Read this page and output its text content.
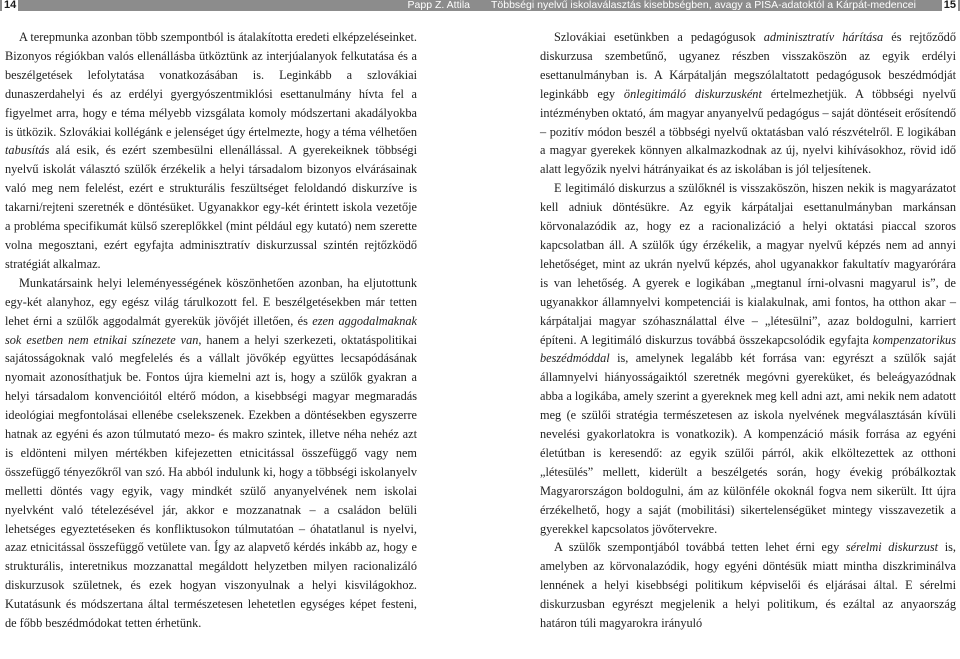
14	Papp Z. Attila Többségi nyelvű iskolaválasztás kisebbségben, avagy a PISA-adatoktól a Kárpát-medencei diskurzusokig
15

A terepmunka azonban több szempontból is átalakította eredeti elképzeléseinket. Bizonyos régiókban valós ellenállásba ütköztünk az interjúalanyok felkutatása és a beszélgetések lefolytatása vonatkozásában is. Leginkább a szlovákiai dunaszerdahelyi és az erdélyi gyergyószentmiklósi esettanulmány hívta fel a figyelmet arra, hogy e téma mélyebb vizsgálata komoly módszertani akadályokba is ütközik. Szlovákiai kollégánk e jelenséget úgy értelmezte, hogy a téma vélhetően tabusítás alá esik, és ezért szembesülni ellenállással. A gyerekeiknek többségi nyelvű iskolát választó szülők érzékelik a helyi társadalom bizonyos elvárásainak való meg nem felelést, ezért e strukturális feszültséget feloldandó diskurzíve is takarni/rejteni szeretnék e döntésüket. Ugyanakkor egy-két érintett iskola vezetője a probléma specifikumát külső szereplőkkel (mint például egy kutató) nem szerette volna megosztani, ezért egyfajta adminisztratív diskurzussal szintén rejtőzködő stratégiát alkalmaz.

Munkatársaink helyi leleményességének köszönhetően azonban, ha eljutottunk egy-két alanyhoz, egy egész világ tárulkozott fel. E beszélgetésekben már tetten lehet érni a szülők aggodalmát gyerekük jövőjét illetően, és ezen aggodalmaknak sok esetben nem etnikai színezete van, hanem a helyi szerkezeti, oktatáspolitikai sajátosságoknak való megfelelés és a vállalt jövőkép együttes lecsapódásának nyomait azonosíthatjuk be. Fontos újra kiemelni azt is, hogy a szülők gyakran a helyi társadalom konvencióitól eltérő módon, a kisebbségi magyar megmaradás ideológiai megfontolásai ellenébe cselekszenek. Ezekben a döntésekben egyszerre hatnak az egyéni és azon túlmutató mezo- és makro szintek, illetve néha nehéz azt is eldönteni milyen mértékben kifejezetten etnicitással összefüggő vagy nem összefüggő tényezőkről van szó. Ha abból indulunk ki, hogy a többségi iskolanyelv melletti döntés vagy egyik, vagy mindkét szülő anyanyelvének nem iskolai nyelvként való tételezésével jár, akkor e mozzanatnak – a családon belüli lehetséges egyeztetéseken és konfliktusokon túlmutatóan – óhatatlanul is nyelvi, azaz etnicitással összefüggő vetülete van. Így az alapvető kérdés inkább az, hogy e strukturális, interetnikus mozzanattal megáldott helyzetben milyen racionalizáló diskurzusok születnek, és ezek hogyan viszonyulnak a helyi kisvilágokhoz. Kutatásunk és módszertana által természetesen lehetetlen egységes képet festeni, de főbb beszédmódokat tetten érhetünk.

Szlovákiai esetünkben a pedagógusok adminisztratív hárítása és rejtőződő diskurzusa szembetűnő, ugyanez részben visszaköszön az egyik erdélyi esettanulmányban is. A Kárpátalján megszólaltatott pedagógusok beszédmódját leginkább egy önlegitimáló diskurzusként értelmezhetjük. A többségi nyelvű intézményben oktató, ám magyar anyanyelvű pedagógus – saját döntéseit erősítendő – pozitív módon beszél a többségi nyelvű oktatásban való részvételről. E logikában a magyar gyerekek könnyen alkalmazkodnak az új, nyelvi kihívásokhoz, rövid idő alatt legyőzik nyelvi hátrányaikat és az iskolában is jól teljesítenek.

E legitimáló diskurzus a szülőknél is visszaköszön, hiszen nekik is magyarázatot kell adniuk döntésükre. Az egyik kárpátaljai esettanulmányban markánsan körvonalazódik az, hogy ez a racionalizáció a helyi oktatási piaccal szoros kapcsolatban áll. A szülők úgy érzékelik, a magyar nyelvű képzés nem ad annyi lehetőséget, mint az ukrán nyelvű képzés, ahol ugyanakkor fakultatív magyarórára is van lehetőség. A gyerek e logikában „megtanul írni-olvasni magyarul is”, de ugyanakkor államnyelvi kompetenciái is kialakulnak, ami fontos, ha otthon akar – kárpátaljai magyar szóhasználattal élve – „létesülni”, azaz boldogulni, karriert építeni. A legitimáló diskurzus továbbá összekapcsolódik egyfajta kompenzatorikus beszédmóddal is, amelynek legalább két forrása van: egyrészt a szülők saját államnyelvi hiányosságaiktól szeretnék megóvni gyereküket, és beleágyazódnak abba a logikába, amely szerint a gyereknek meg kell adni azt, ami nekik nem adatott meg (e szülői stratégia természetesen az iskola nyelvének megválasztásán kívüli nevelési gyakorlatokra is vonatkozik). A kompenzáció másik forrása az egyéni életútban is keresendő: az egyik szülői párról, akik elköltezettek az otthoni „létesülés” mellett, kiderült a beszélgetés során, hogy évekig próbálkoztak Magyarországon boldogulni, ám az különféle okoknál fogva nem sikerült. Itt újra érzékelhető, hogy a saját (mobilitási) sikertelenségüket mintegy visszavezetik a gyerekkel kapcsolatos jövőtervekre.

A szülők szempontjából továbbá tetten lehet érni egy sérelmi diskurzust is, amelyben az körvonalazódik, hogy egyéni döntésük miatt mintha diszkriminálva lennének a helyi kisebbségi politikum képviselői és eljárásai által. E sérelmi diskurzusban egyrészt megjelenik a helyi politikum, és ezáltal az anyaország határon túli magyarokra irányuló
